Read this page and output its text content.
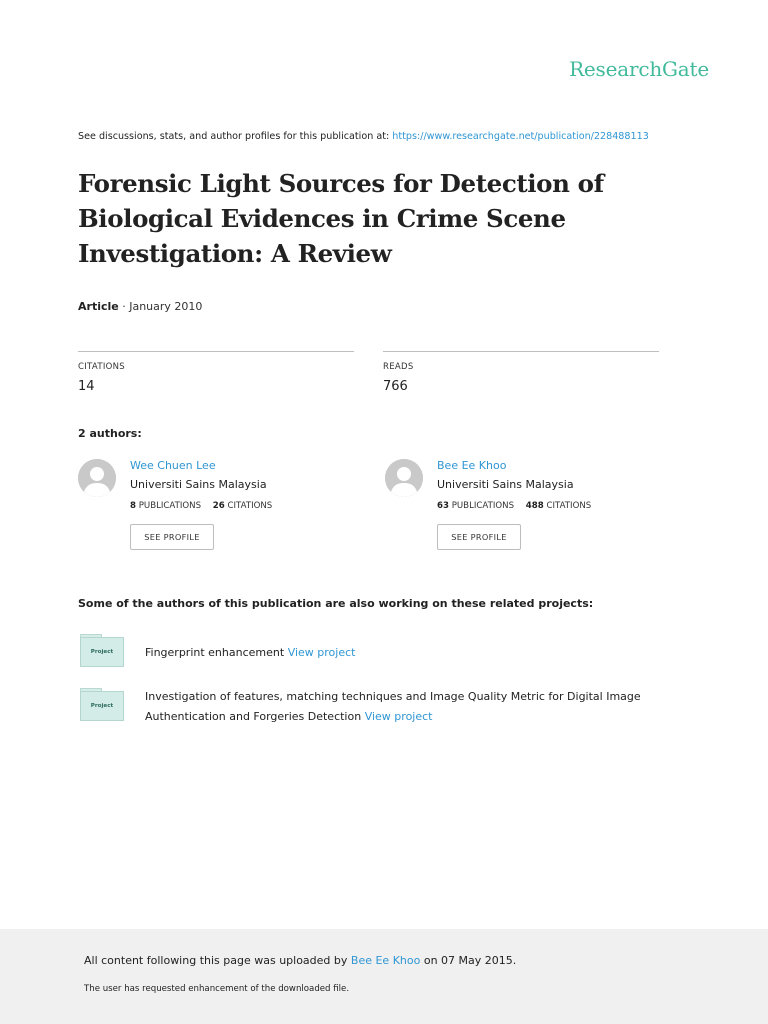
ResearchGate
See discussions, stats, and author profiles for this publication at: https://www.researchgate.net/publication/228488113
Forensic Light Sources for Detection of Biological Evidences in Crime Scene Investigation: A Review
Article · January 2010
CITATIONS
14
READS
766
2 authors:
Wee Chuen Lee
Universiti Sains Malaysia
8 PUBLICATIONS 26 CITATIONS
SEE PROFILE
Bee Ee Khoo
Universiti Sains Malaysia
63 PUBLICATIONS 488 CITATIONS
SEE PROFILE
Some of the authors of this publication are also working on these related projects:
Project	Fingerprint enhancement View project
Project
Investigation of features, matching techniques and Image Quality Metric for Digital Image Authentication and Forgeries Detection View project
All content following this page was uploaded by Bee Ee Khoo on 07 May 2015.
The user has requested enhancement of the downloaded file.
